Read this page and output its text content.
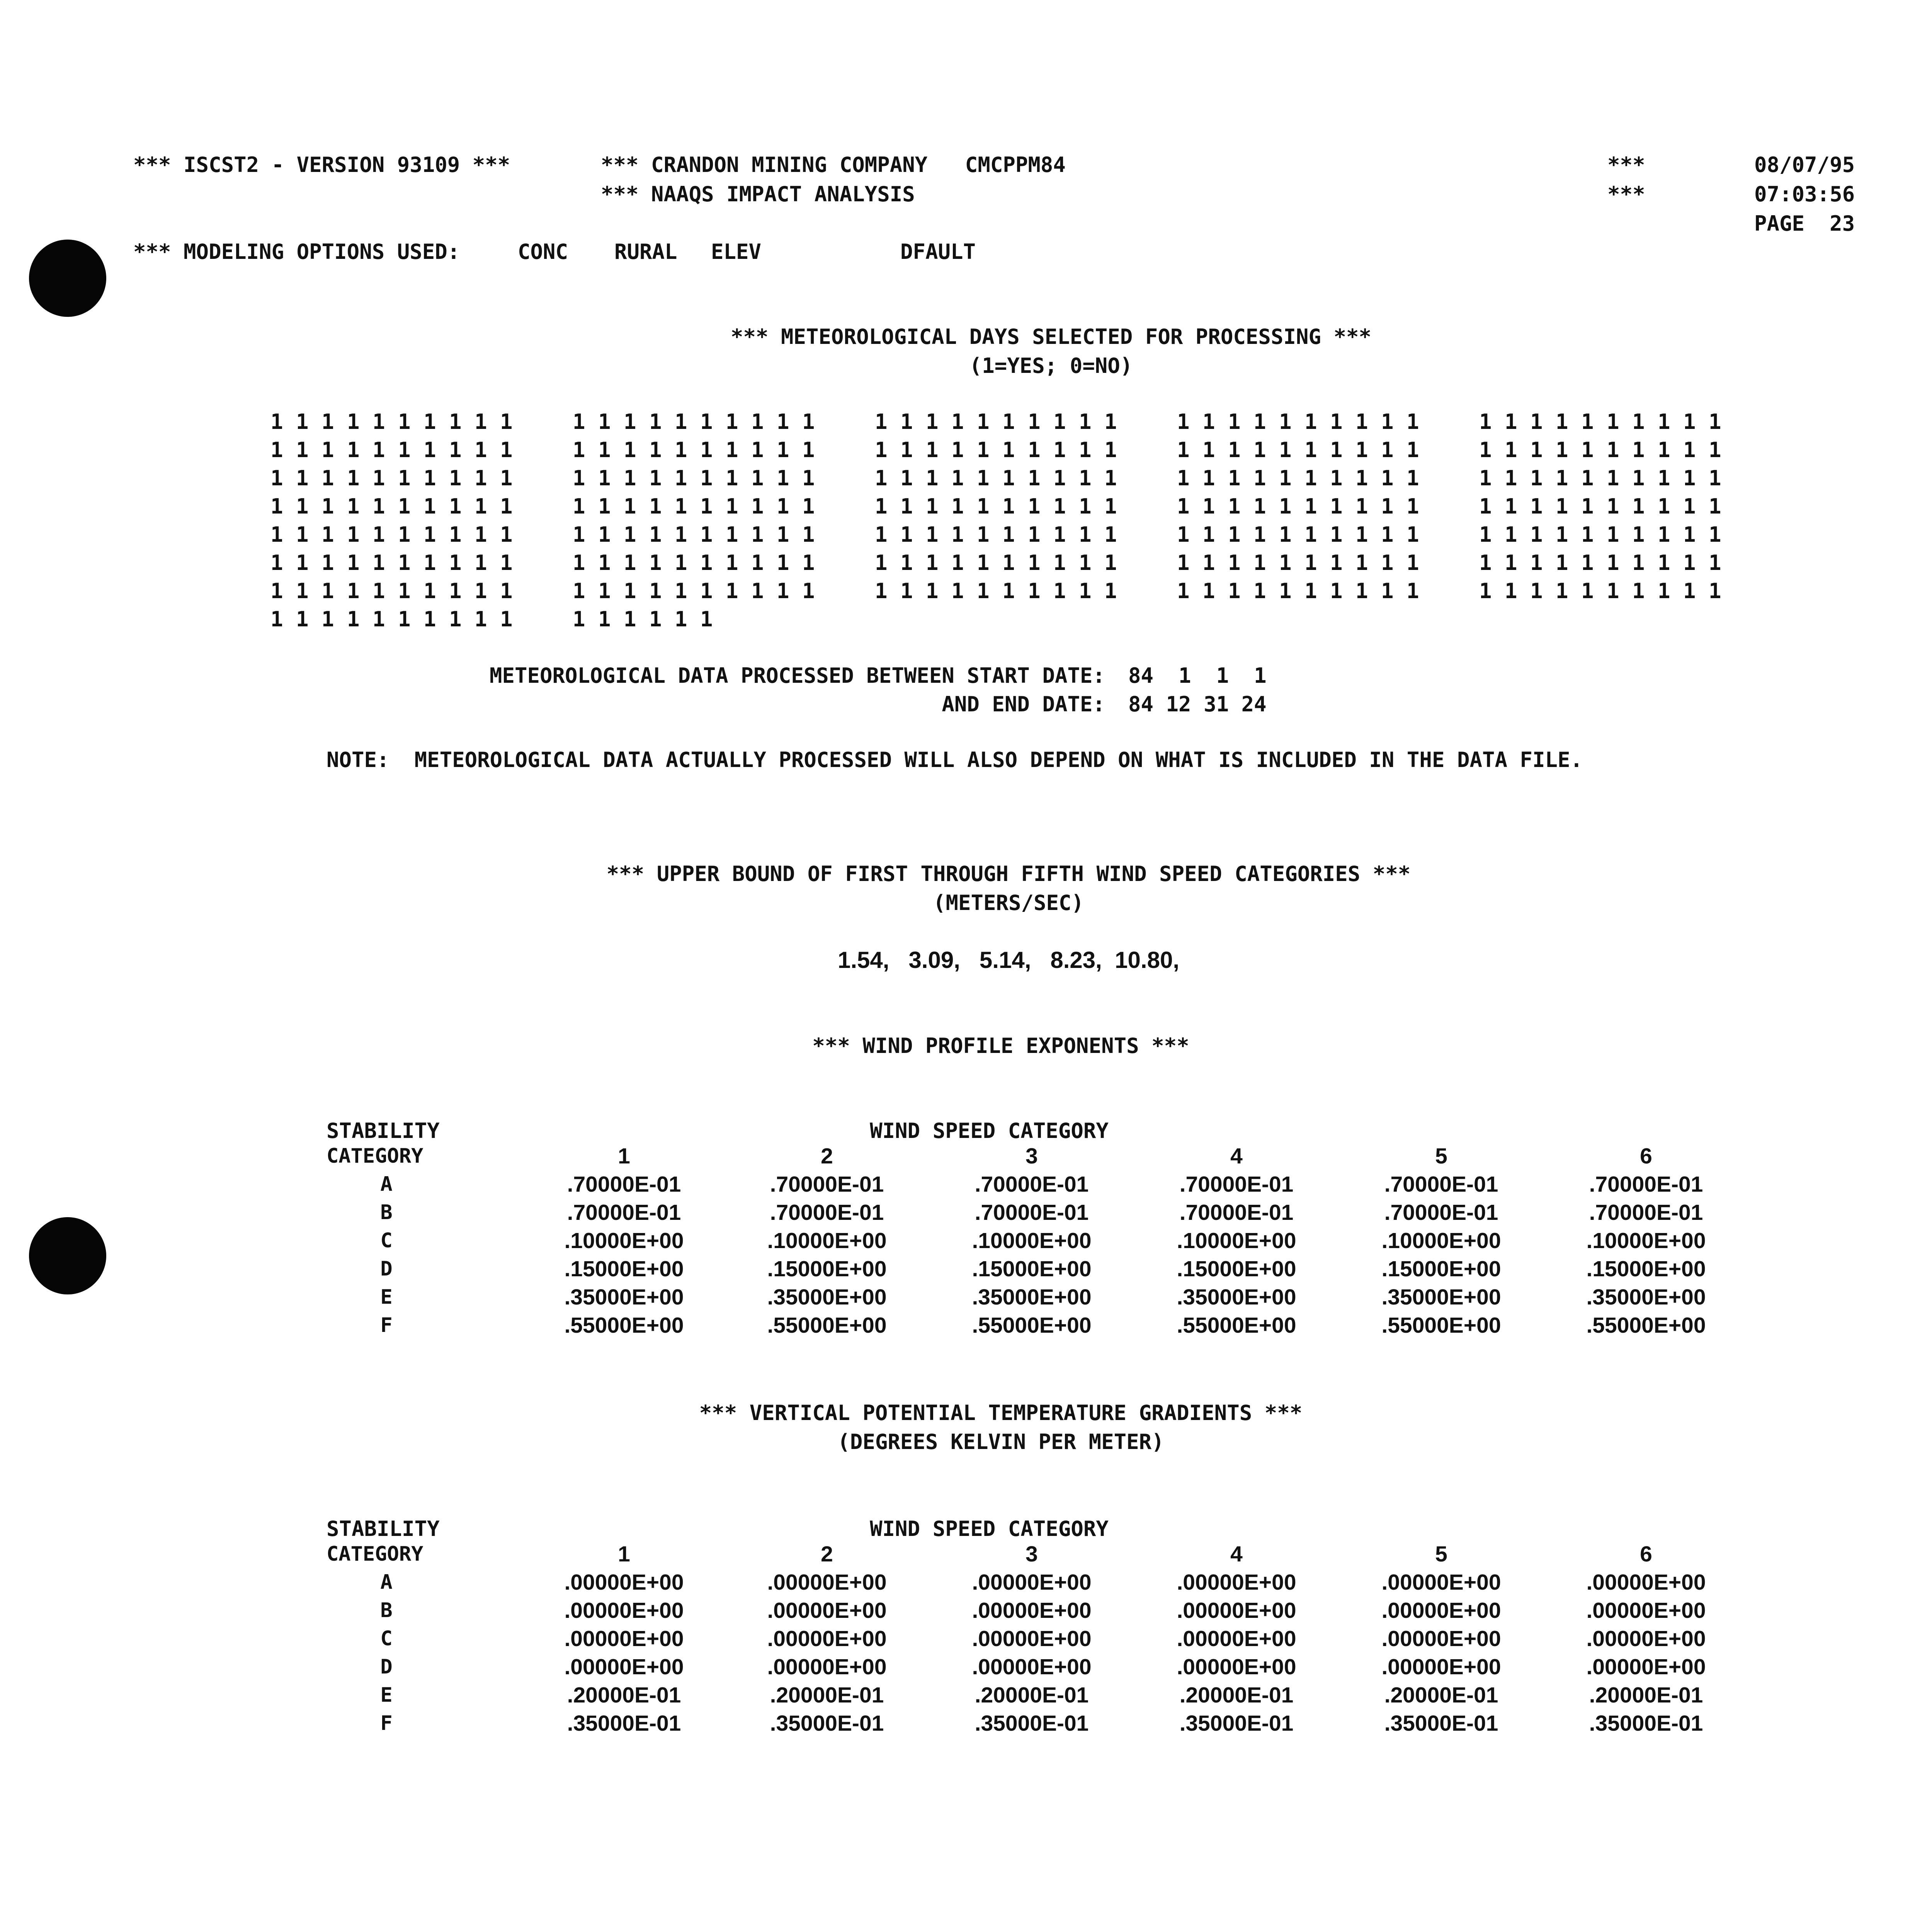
*** ISCST2 - VERSION 93109 ***	*** CRANDON MINING COMPANY   CMCPPM84
*** NAAQS IMPACT ANALYSIS
***
***
08/07/95
07:03:56
PAGE  23
*** MODELING OPTIONS USED:	CONC RURAL ELEV	DFAULT
*** METEOROLOGICAL DAYS SELECTED FOR PROCESSING ***
(1=YES; 0=NO)
1 1 1 1 1 1 1 1 1 1	1 1 1 1 1 1 1 1 1 1	1 1 1 1 1 1 1 1 1 1	1 1 1 1 1 1 1 1 1 1	1 1 1 1 1 1 1 1 1 1
1 1 1 1 1 1 1 1 1 1	1 1 1 1 1 1 1 1 1 1	1 1 1 1 1 1 1 1 1 1	1 1 1 1 1 1 1 1 1 1	1 1 1 1 1 1 1 1 1 1
1 1 1 1 1 1 1 1 1 1	1 1 1 1 1 1 1 1 1 1	1 1 1 1 1 1 1 1 1 1	1 1 1 1 1 1 1 1 1 1	1 1 1 1 1 1 1 1 1 1
1 1 1 1 1 1 1 1 1 1	1 1 1 1 1 1 1 1 1 1	1 1 1 1 1 1 1 1 1 1	1 1 1 1 1 1 1 1 1 1	1 1 1 1 1 1 1 1 1 1
1 1 1 1 1 1 1 1 1 1	1 1 1 1 1 1 1 1 1 1	1 1 1 1 1 1 1 1 1 1	1 1 1 1 1 1 1 1 1 1	1 1 1 1 1 1 1 1 1 1
1 1 1 1 1 1 1 1 1 1	1 1 1 1 1 1 1 1 1 1	1 1 1 1 1 1 1 1 1 1	1 1 1 1 1 1 1 1 1 1	1 1 1 1 1 1 1 1 1 1
1 1 1 1 1 1 1 1 1 1	1 1 1 1 1 1 1 1 1 1	1 1 1 1 1 1 1 1 1 1	1 1 1 1 1 1 1 1 1 1	1 1 1 1 1 1 1 1 1 1
1 1 1 1 1 1 1 1 1 1	1 1 1 1 1 1
METEOROLOGICAL DATA PROCESSED BETWEEN START DATE: 84  1  1  1
AND END DATE: 84 12 31 24
NOTE:  METEOROLOGICAL DATA ACTUALLY PROCESSED WILL ALSO DEPEND ON WHAT IS INCLUDED IN THE DATA FILE.
*** UPPER BOUND OF FIRST THROUGH FIFTH WIND SPEED CATEGORIES ***
(METERS/SEC)
1.54,   3.09,   5.14,   8.23,  10.80,
*** WIND PROFILE EXPONENTS ***
STABILITY	WIND SPEED CATEGORY
CATEGORY	1	2	3	4	5	6
A	.70000E-01	.70000E-01	.70000E-01	.70000E-01	.70000E-01	.70000E-01
B	.70000E-01	.70000E-01	.70000E-01	.70000E-01	.70000E-01	.70000E-01
C	.10000E+00	.10000E+00	.10000E+00	.10000E+00	.10000E+00	.10000E+00
D	.15000E+00	.15000E+00	.15000E+00	.15000E+00	.15000E+00	.15000E+00
E	.35000E+00	.35000E+00	.35000E+00	.35000E+00	.35000E+00	.35000E+00
F	.55000E+00	.55000E+00	.55000E+00	.55000E+00	.55000E+00	.55000E+00
*** VERTICAL POTENTIAL TEMPERATURE GRADIENTS ***
(DEGREES KELVIN PER METER)
STABILITY	WIND SPEED CATEGORY
CATEGORY	1	2	3	4	5	6
A	.00000E+00	.00000E+00	.00000E+00	.00000E+00	.00000E+00	.00000E+00
B	.00000E+00	.00000E+00	.00000E+00	.00000E+00	.00000E+00	.00000E+00
C	.00000E+00	.00000E+00	.00000E+00	.00000E+00	.00000E+00	.00000E+00
D	.00000E+00	.00000E+00	.00000E+00	.00000E+00	.00000E+00	.00000E+00
E	.20000E-01	.20000E-01	.20000E-01	.20000E-01	.20000E-01	.20000E-01
F	.35000E-01	.35000E-01	.35000E-01	.35000E-01	.35000E-01	.35000E-01
